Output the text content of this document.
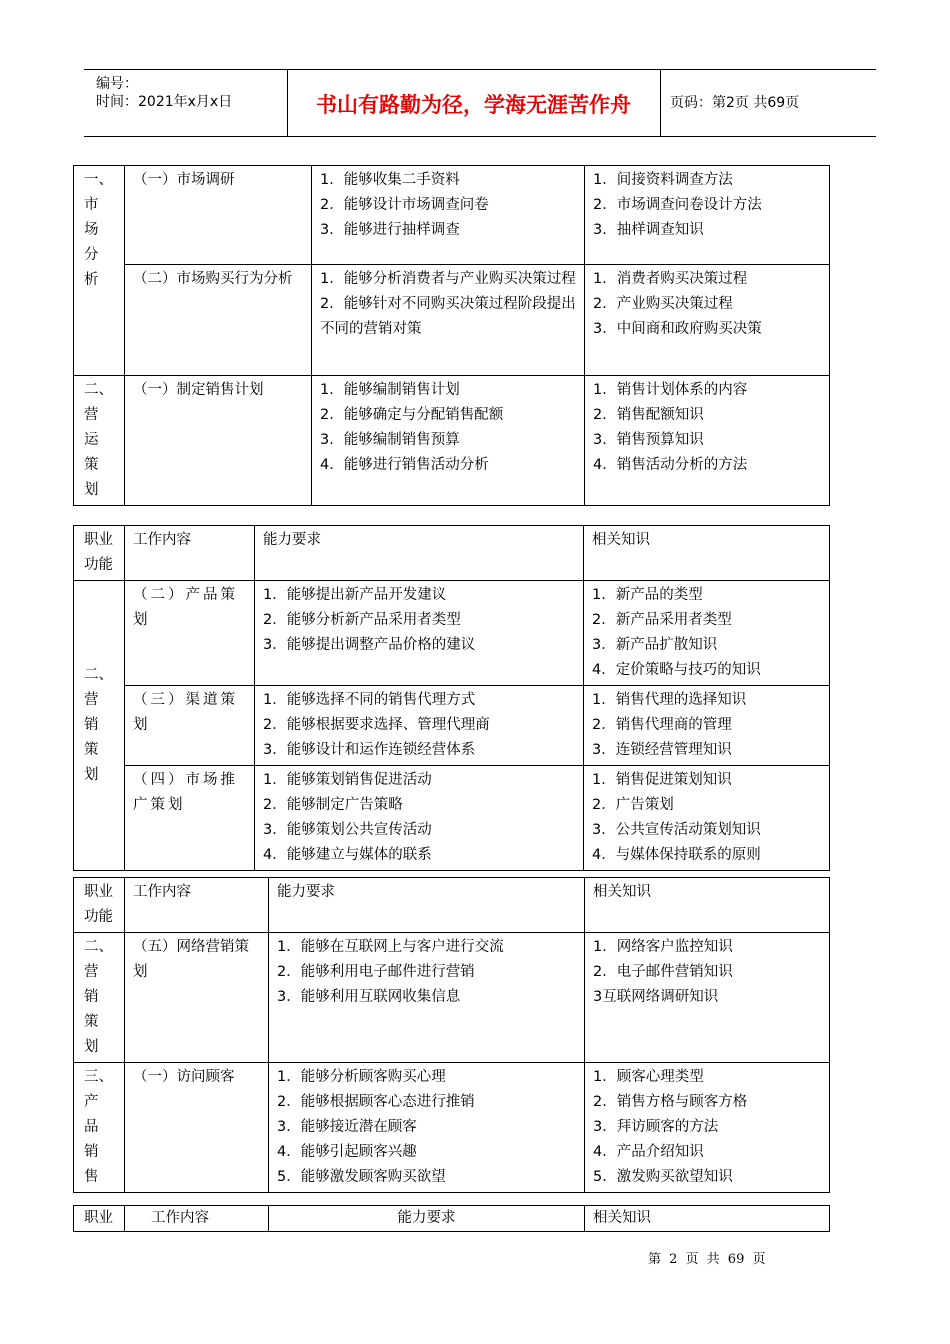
编号：
时间：2021年x月x日	书山有路勤为径，学海无涯苦作舟	页码：第2页 共69页
一、市场分析	（一）市场调研	1．能够收集二手资料
2．能够设计市场调查问卷
3．能够进行抽样调查	1．间接资料调查方法
2．市场调查问卷设计方法
3．抽样调查知识

	（二）市场购买行为分析	1．能够分析消费者与产业购买决策过程
2．能够针对不同购买决策过程阶段提出不同的营销对策	1．消费者购买决策过程
2．产业购买决策过程
3．中间商和政府购买决策

二、营运策划	（一）制定销售计划	1．能够编制销售计划
2．能够确定与分配销售配额
3．能够编制销售预算
4．能够进行销售活动分析	1．销售计划体系的内容
2．销售配额知识
3．销售预算知识
4．销售活动分析的方法
职业功能	工作内容	能力要求	相关知识

二、营销策划	（二）产品策划	1．能够提出新产品开发建议
2．能够分析新产品采用者类型
3．能够提出调整产品价格的建议	1．新产品的类型
2．新产品采用者类型
3．新产品扩散知识
4．定价策略与技巧的知识

	（三）渠道策划	1．能够选择不同的销售代理方式
2．能够根据要求选择、管理代理商
3．能够设计和运作连锁经营体系	1．销售代理的选择知识
2．销售代理商的管理
3．连锁经营管理知识

	（四）市场推广策划	1．能够策划销售促进活动
2．能够制定广告策略
3．能够策划公共宣传活动
4．能够建立与媒体的联系	1．销售促进策划知识
2．广告策划
3．公共宣传活动策划知识
4．与媒体保持联系的原则
职业功能	工作内容	能力要求	相关知识

二、营销策划	（五）网络营销策划	1．能够在互联网上与客户进行交流
2．能够利用电子邮件进行营销
3．能够利用互联网收集信息	1．网络客户监控知识
2．电子邮件营销知识
3互联网络调研知识

三、产品销售	（一）访问顾客	1．能够分析顾客购买心理
2．能够根据顾客心态进行推销
3．能够接近潜在顾客
4．能够引起顾客兴趣
5．能够激发顾客购买欲望	1．顾客心理类型
2．销售方格与顾客方格
3．拜访顾客的方法
4．产品介绍知识
5．激发购买欲望知识
职业	工作内容	能力要求	相关知识
第 2 页 共 69 页
